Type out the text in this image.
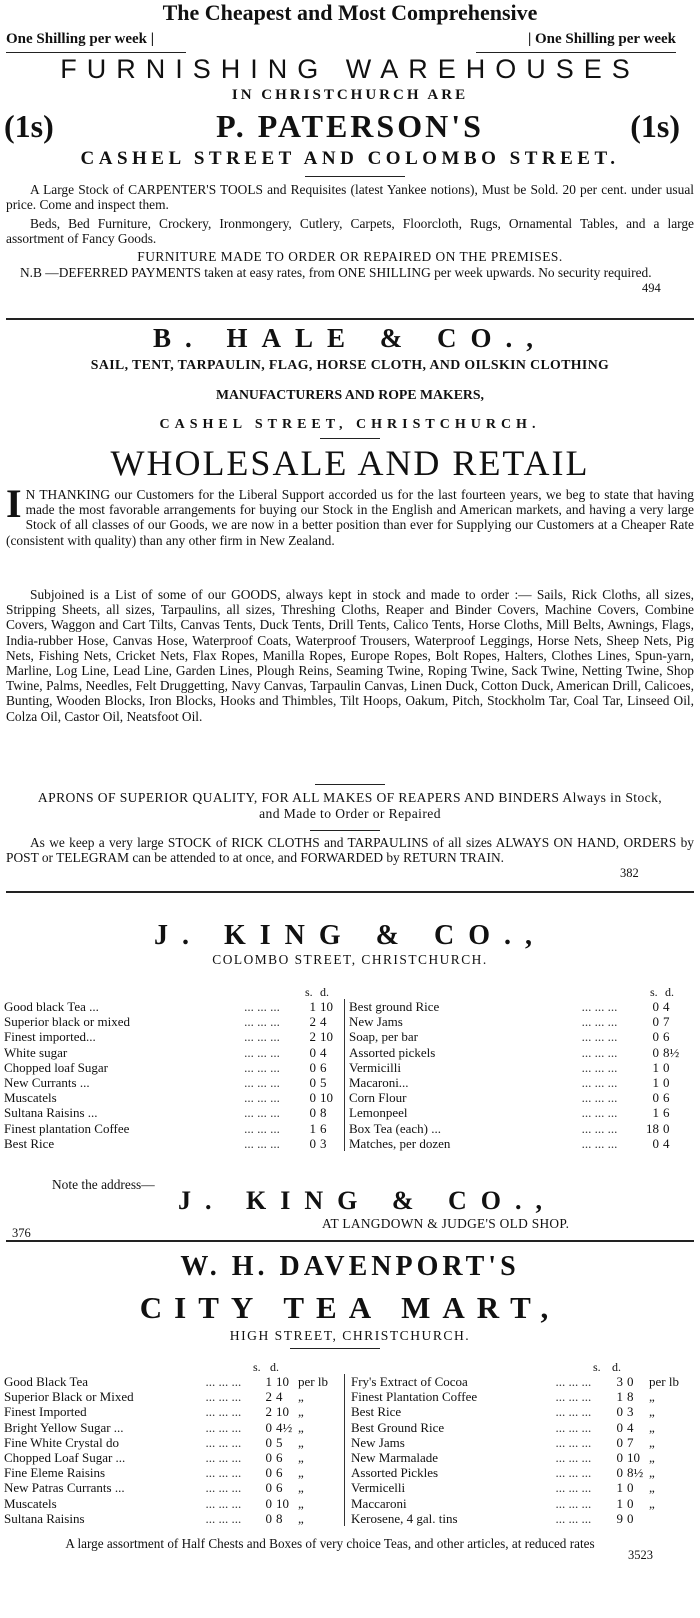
The Cheapest and Most Comprehensive
One Shilling per week |	| One Shilling per week
FURNISHING WAREHOUSES
IN CHRISTCHURCH ARE
(1s)	P. PATERSON'S	(1s)
CASHEL STREET AND COLOMBO STREET.
A Large Stock of CARPENTER'S TOOLS and Requisites (latest Yankee notions), Must be Sold. 20 per cent. under usual price. Come and inspect them.
Beds, Bed Furniture, Crockery, Ironmongery, Cutlery, Carpets, Floorcloth, Rugs, Ornamental Tables, and a large assortment of Fancy Goods.
FURNITURE MADE TO ORDER OR REPAIRED ON THE PREMISES.
N.B —DEFERRED PAYMENTS taken at easy rates, from ONE SHILLING per week upwards. No security required.
494
B. HALE & CO.,
SAIL, TENT, TARPAULIN, FLAG, HORSE CLOTH, AND OILSKIN CLOTHING
MANUFACTURERS AND ROPE MAKERS,
CASHEL STREET, CHRISTCHURCH.
WHOLESALE AND RETAIL
I N THANKING our Customers for the Liberal Support accorded us for the last fourteen years, we beg to state that having made the most favorable arrangements for buying our Stock in the English and American markets, and having a very large Stock of all classes of our Goods, we are now in a better position than ever for Supplying our Customers at a Cheaper Rate (consistent with quality) than any other firm in New Zealand.
Subjoined is a List of some of our GOODS, always kept in stock and made to order :— Sails, Rick Cloths, all sizes, Stripping Sheets, all sizes, Tarpaulins, all sizes, Threshing Cloths, Reaper and Binder Covers, Machine Covers, Combine Covers, Waggon and Cart Tilts, Canvas Tents, Duck Tents, Drill Tents, Calico Tents, Horse Cloths, Mill Belts, Awnings, Flags, India-rubber Hose, Canvas Hose, Waterproof Coats, Waterproof Trousers, Waterproof Leggings, Horse Nets, Sheep Nets, Pig Nets, Fishing Nets, Cricket Nets, Flax Ropes, Manilla Ropes, Europe Ropes, Bolt Ropes, Halters, Clothes Lines, Spun-yarn, Marline, Log Line, Lead Line, Garden Lines, Plough Reins, Seaming Twine, Roping Twine, Sack Twine, Netting Twine, Shop Twine, Palms, Needles, Felt Druggetting, Navy Canvas, Tarpaulin Canvas, Linen Duck, Cotton Duck, American Drill, Calicoes, Bunting, Wooden Blocks, Iron Blocks, Hooks and Thimbles, Tilt Hoops, Oakum, Pitch, Stockholm Tar, Coal Tar, Linseed Oil, Colza Oil, Castor Oil, Neatsfoot Oil.
APRONS OF SUPERIOR QUALITY, FOR ALL MAKES OF REAPERS AND BINDERS Always in Stock, and Made to Order or Repaired
As we keep a very large STOCK of RICK CLOTHS and TARPAULINS of all sizes ALWAYS ON HAND, ORDERS by POST or TELEGRAM can be attended to at once, and FORWARDED by RETURN TRAIN.
382
J. KING & CO.,
COLOMBO STREET, CHRISTCHURCH.
s. d.	s. d.
Good black Tea ...	... ... ...	1	10
Superior black or mixed	... ... ...	2	4
Finest imported...	... ... ...	2	10
White sugar	... ... ...	0	4
Chopped loaf Sugar	... ... ...	0	6
New Currants ...	... ... ...	0	5
Muscatels	... ... ...	0	10
Sultana Raisins ...	... ... ...	0	8
Finest plantation Coffee	... ... ...	1	6
Best Rice	... ... ...	0	3
Best ground Rice	... ... ...	0	4
New Jams	... ... ...	0	7
Soap, per bar	... ... ...	0	6
Assorted pickels	... ... ...	0	8½
Vermicilli	... ... ...	1	0
Macaroni...	... ... ...	1	0
Corn Flour	... ... ...	0	6
Lemonpeel	... ... ...	1	6
Box Tea (each) ...	... ... ...	18	0
Matches, per dozen	... ... ...	0	4
Note the address—
J. KING & CO.,
376
AT LANGDOWN & JUDGE'S OLD SHOP.
W. H. DAVENPORT'S
CITY TEA MART,
HIGH STREET, CHRISTCHURCH.
s. d.	s. d.
Good Black Tea	... ... ...	1	10	per lb
Superior Black or Mixed	... ... ...	2	4	„
Finest Imported	... ... ...	2	10	„
Bright Yellow Sugar ...	... ... ...	0	4½	„
Fine White Crystal do	... ... ...	0	5	„
Chopped Loaf Sugar ...	... ... ...	0	6	„
Fine Eleme Raisins	... ... ...	0	6	„
New Patras Currants ...	... ... ...	0	6	„
Muscatels	... ... ...	0	10	„
Sultana Raisins	... ... ...	0	8	„
Fry's Extract of Cocoa	... ... ...	3	0	per lb
Finest Plantation Coffee	... ... ...	1	8	„
Best Rice	... ... ...	0	3	„
Best Ground Rice	... ... ...	0	4	„
New Jams	... ... ...	0	7	„
New Marmalade	... ... ...	0	10	„
Assorted Pickles	... ... ...	0	8½	„
Vermicelli	... ... ...	1	0	„
Maccaroni	... ... ...	1	0	„
Kerosene, 4 gal. tins	... ... ...	9	0	
A large assortment of Half Chests and Boxes of very choice Teas, and other articles, at reduced rates
3523
